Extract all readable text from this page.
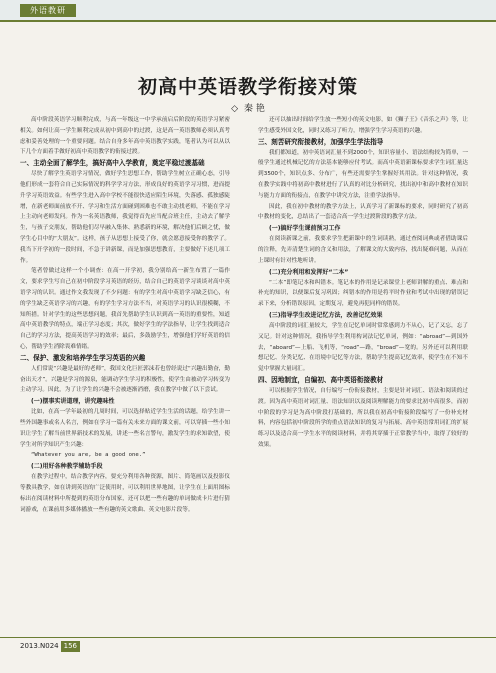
外语教研
初高中英语教学衔接对策
◇ 秦 艳

高中阶段英语学习顺利完成，与高一年级这一中学承前启后阶段的英语学习紧密相关。如何让高一学生顺利完成从初中到高中的过渡，这是高一英语教师必须认真考虑和妥善处理的一个重要问题。结合自身多年高中英语教学实践，笔者认为可以从以下几个方面着手做好初高中英语教学的衔接过渡。

一、主动全面了解学生，搞好高中入学教育，奠定平稳过渡基础

尽快了解学生英语学习情况，做好学生思想工作，帮助学生树立正确心态，引导他们形成一套符合自己实际情况的科学学习方法，形成良好的英语学习习惯，进而提升学习英语效益。有些学生进入高中学校不能很快适应陌生环境，失落感、孤独感陡增，在新老师面前放不开、学习和生活方面碰到困难也不敢主动找老师，不能在学习上主动向老师发问。作为一名英语教师，我觉得首先应当配合班主任，主动去了解学生，与孩子交朋友，帮助他们尽早融入集体、熟悉新的环境，解决他们后顾之忧，做学生心目中的“大朋友”。这样，孩子从思想上接受了你，就会愿意接受你的教学了。我当下开学初的一段时间，不急于讲新课，而是加强思想教育，主要做好下述几项工作。

笔者曾做过这样一个小调查：在高一开学初，我分别给高一新生布置了一篇作文，要求学生写自己在初中阶段学习英语的经历，结合自己的英语学习谈谈对高中英语学习的认识。通过作文我发现了不少问题：有的学生对高中英语学习缺乏信心，有的学生缺乏英语学习的兴趣，有的学生学习方法不当，对英语学习的认识很模糊，不知所措。针对学生的这些思想问题，我首先帮助学生认识到高一英语的重要性，知道高中英语教学的特点，端正学习态度；其次，做好学生的学法指导，让学生找到适合自己的学习方法，提高英语学习的效率；最后，多鼓励学生，增强他们学好英语的信心，帮助学生消除畏难情绪。

二、保护、激发和培养学生学习英语的兴趣

人们常说“兴趣是最好的老师”，我国文化巨匠郭沫若也曾经说过“兴趣出勤奋，勤奋出天才”。兴趣是学习的源泉，能调动学生学习的积极性，使学生由被动学习转变为主动学习。因此，为了让学生的兴趣不会被逐渐消磨，我在教学中做了以下尝试。

(一)摆事实讲道理，讲究趣味性

比如，在高一学年最初的几周时间，可以选择贴近学生生活的话题，给学生讲一些外国趣事或名人名言，例如在学习一篇有关未来方面的课文前，可以穿插一些小知识让学生了解当前世界新技术的发展，讲述一些名言警句，激发学生的求知欲望，使学生对所学知识产生兴趣：

“Whatever you are, be a good one.”

(二)用好各种教学辅助手段

在教学过程中，结合教学内容，要充分利用各种资源，图片、简笔画以及投影仪等教具教学，如在讲到英语的广泛使用时，可以利用世界地图，让学生在上面用图标标出在阅读材料中所提到的英语分布国家，还可以把一些有趣的单词做成卡片进行猜词游戏，在课前用多媒体播放一些有趣的英文歌曲、英文电影片段等。

还可以抽出时间给学生放一些短小的英文电影，如《狮子王》《音乐之声》等，让学生感受外国文化，同时又练习了听力，增强学生学习英语的兴趣。

三、刻苦研究衔接教材，加强学生学法指导

我们都知道，初中英语词汇量不到2000个，知识容量小、语法结构较为简单，一般学生通过机械记忆的方法基本能够应付考试。而高中英语新课标要求学生词汇量达到3500个，知识点多、分布广，有些还需要学生掌握好其用法。针对这种情况，我在教学实践中将初高中教材进行了认真的对比分析研究，找出初中和高中教材在知识与能力方面的衔接点，在教学中讲究方法，注重学法指导。

因此，我在初中教材的教学方法上，认真学习了新课标的要求，同时研究了初高中教材的变化，总结出了一套适合高一学生过渡阶段的教学方法。

(一)搞好学生课前预习工作

在阅读新课之前，我要求学生把新课中的生词读熟，通过查阅词典或者借助课后的注释，先弄清楚生词的含义和用法，了解课文的大致内容，找出疑难问题，从而在上课时有针对性地听讲。

(二)充分利用和发挥好“二本”

“二本”即笔记本和纠错本。笔记本的作用是记录课堂上老师讲解的重点、难点和补充的知识，以便课后复习巩固；纠错本的作用是将平时作业和考试中出现的错误记录下来，分析错误原因，定期复习，避免再犯同样的错误。

(三)指导学生改进记忆方法，改善记忆效果

高中阶段的词汇量较大，学生在记忆单词时常常感到力不从心，记了又忘，忘了又记。针对这种情况，我指导学生利用构词法记忆单词，例如：“abroad”—到国外去，“aboard”—上船、飞机等，“road”—路，“broad”—宽的。另外还可以利用联想记忆、分类记忆、在语境中记忆等方法，帮助学生提高记忆效率，使学生在不知不觉中掌握大量词汇。

四、因地制宜，自编初、高中英语衔接教材

可以根据学生情况，自行编写一份衔接教材，主要是针对词汇、语法和阅读的过渡。因为高中英语对词汇量、语法知识以及阅读理解能力的要求比初中高很多，而初中阶段的学习是为高中阶段打基础的，所以我在初高中衔接阶段编写了一份补充材料，内容包括初中阶段所学的重点语法知识的复习与拓展、高中英语常用词汇的扩展练习以及适合高一学生水平的阅读材料，并将其穿插于正常教学当中，取得了较好的效果。

2013.N024 156
